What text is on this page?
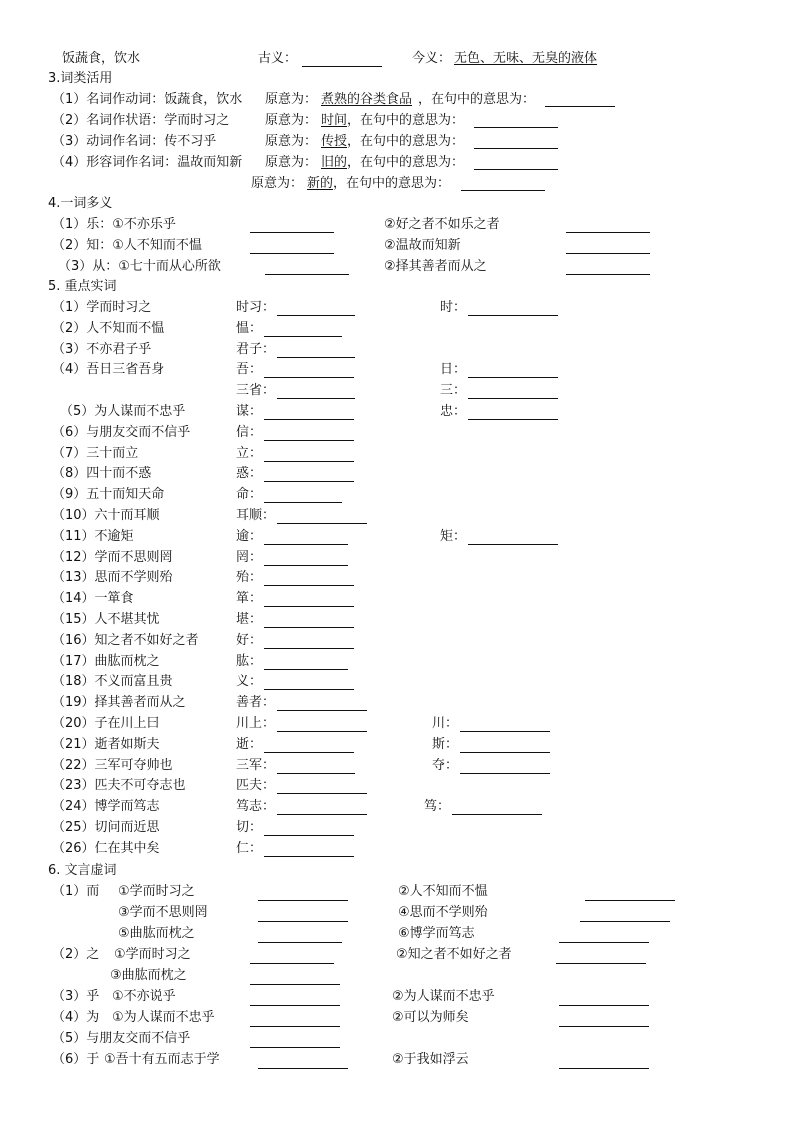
饭蔬食，饮水	古义：	今义： 无色、无味、无臭的液体
3.词类活用
（1）名词作动词：饭蔬食，饮水 原意为： 煮熟的谷类食品 ，在句中的意思为：
（2）名词作状语：学而时习之	原意为： 时间 ，在句中的意思为：
（3）动词作名词：传不习乎	原意为： 传授 ，在句中的意思为：
（4）形容词作名词：温故而知新 原意为： 旧的 ，在句中的意思为：
原意为： 新的 ，在句中的意思为：
4.一词多义
（1）乐：①不亦乐乎	②好之者不如乐之者
（2）知：①人不知而不愠	②温故而知新
（3）从：①七十而从心所欲	②择其善者而从之
5. 重点实词
（1）学而时习之	时习：	时：
（2）人不知而不愠	愠：
（3）不亦君子乎	君子：
（4）吾日三省吾身	吾：	日：
三省：	三：
（5）为人谋而不忠乎	谋：	忠：
（6）与朋友交而不信乎	信：
（7）三十而立	立：
（8）四十而不惑	惑：
（9）五十而知天命	命：
（10）六十而耳顺	耳顺：
（11）不逾矩	逾：	矩：
（12）学而不思则罔	罔：
（13）思而不学则殆	殆：
（14）一箪食	箪：
（15）人不堪其忧	堪：
（16）知之者不如好之者	好：
（17）曲肱而枕之	肱：
（18）不义而富且贵	义：
（19）择其善者而从之	善者：
（20）子在川上曰	川上：	川：
（21）逝者如斯夫	逝：	斯：
（22）三军可夺帅也	三军：	夺：
（23）匹夫不可夺志也	匹夫：
（24）博学而笃志	笃志：	笃：
（25）切问而近思	切：
（26）仁在其中矣	仁：
6. 文言虚词
（1）而 ①学而时习之	②人不知而不愠
③学而不思则罔	④思而不学则殆
⑤曲肱而枕之	⑥博学而笃志
（2）之 ①学而时习之	②知之者不如好之者
③曲肱而枕之
（3）乎 ①不亦说乎	②为人谋而不忠乎
（4）为 ①为人谋而不忠乎	②可以为师矣
（5）与朋友交而不信乎
（6）于 ①吾十有五而志于学	②于我如浮云
